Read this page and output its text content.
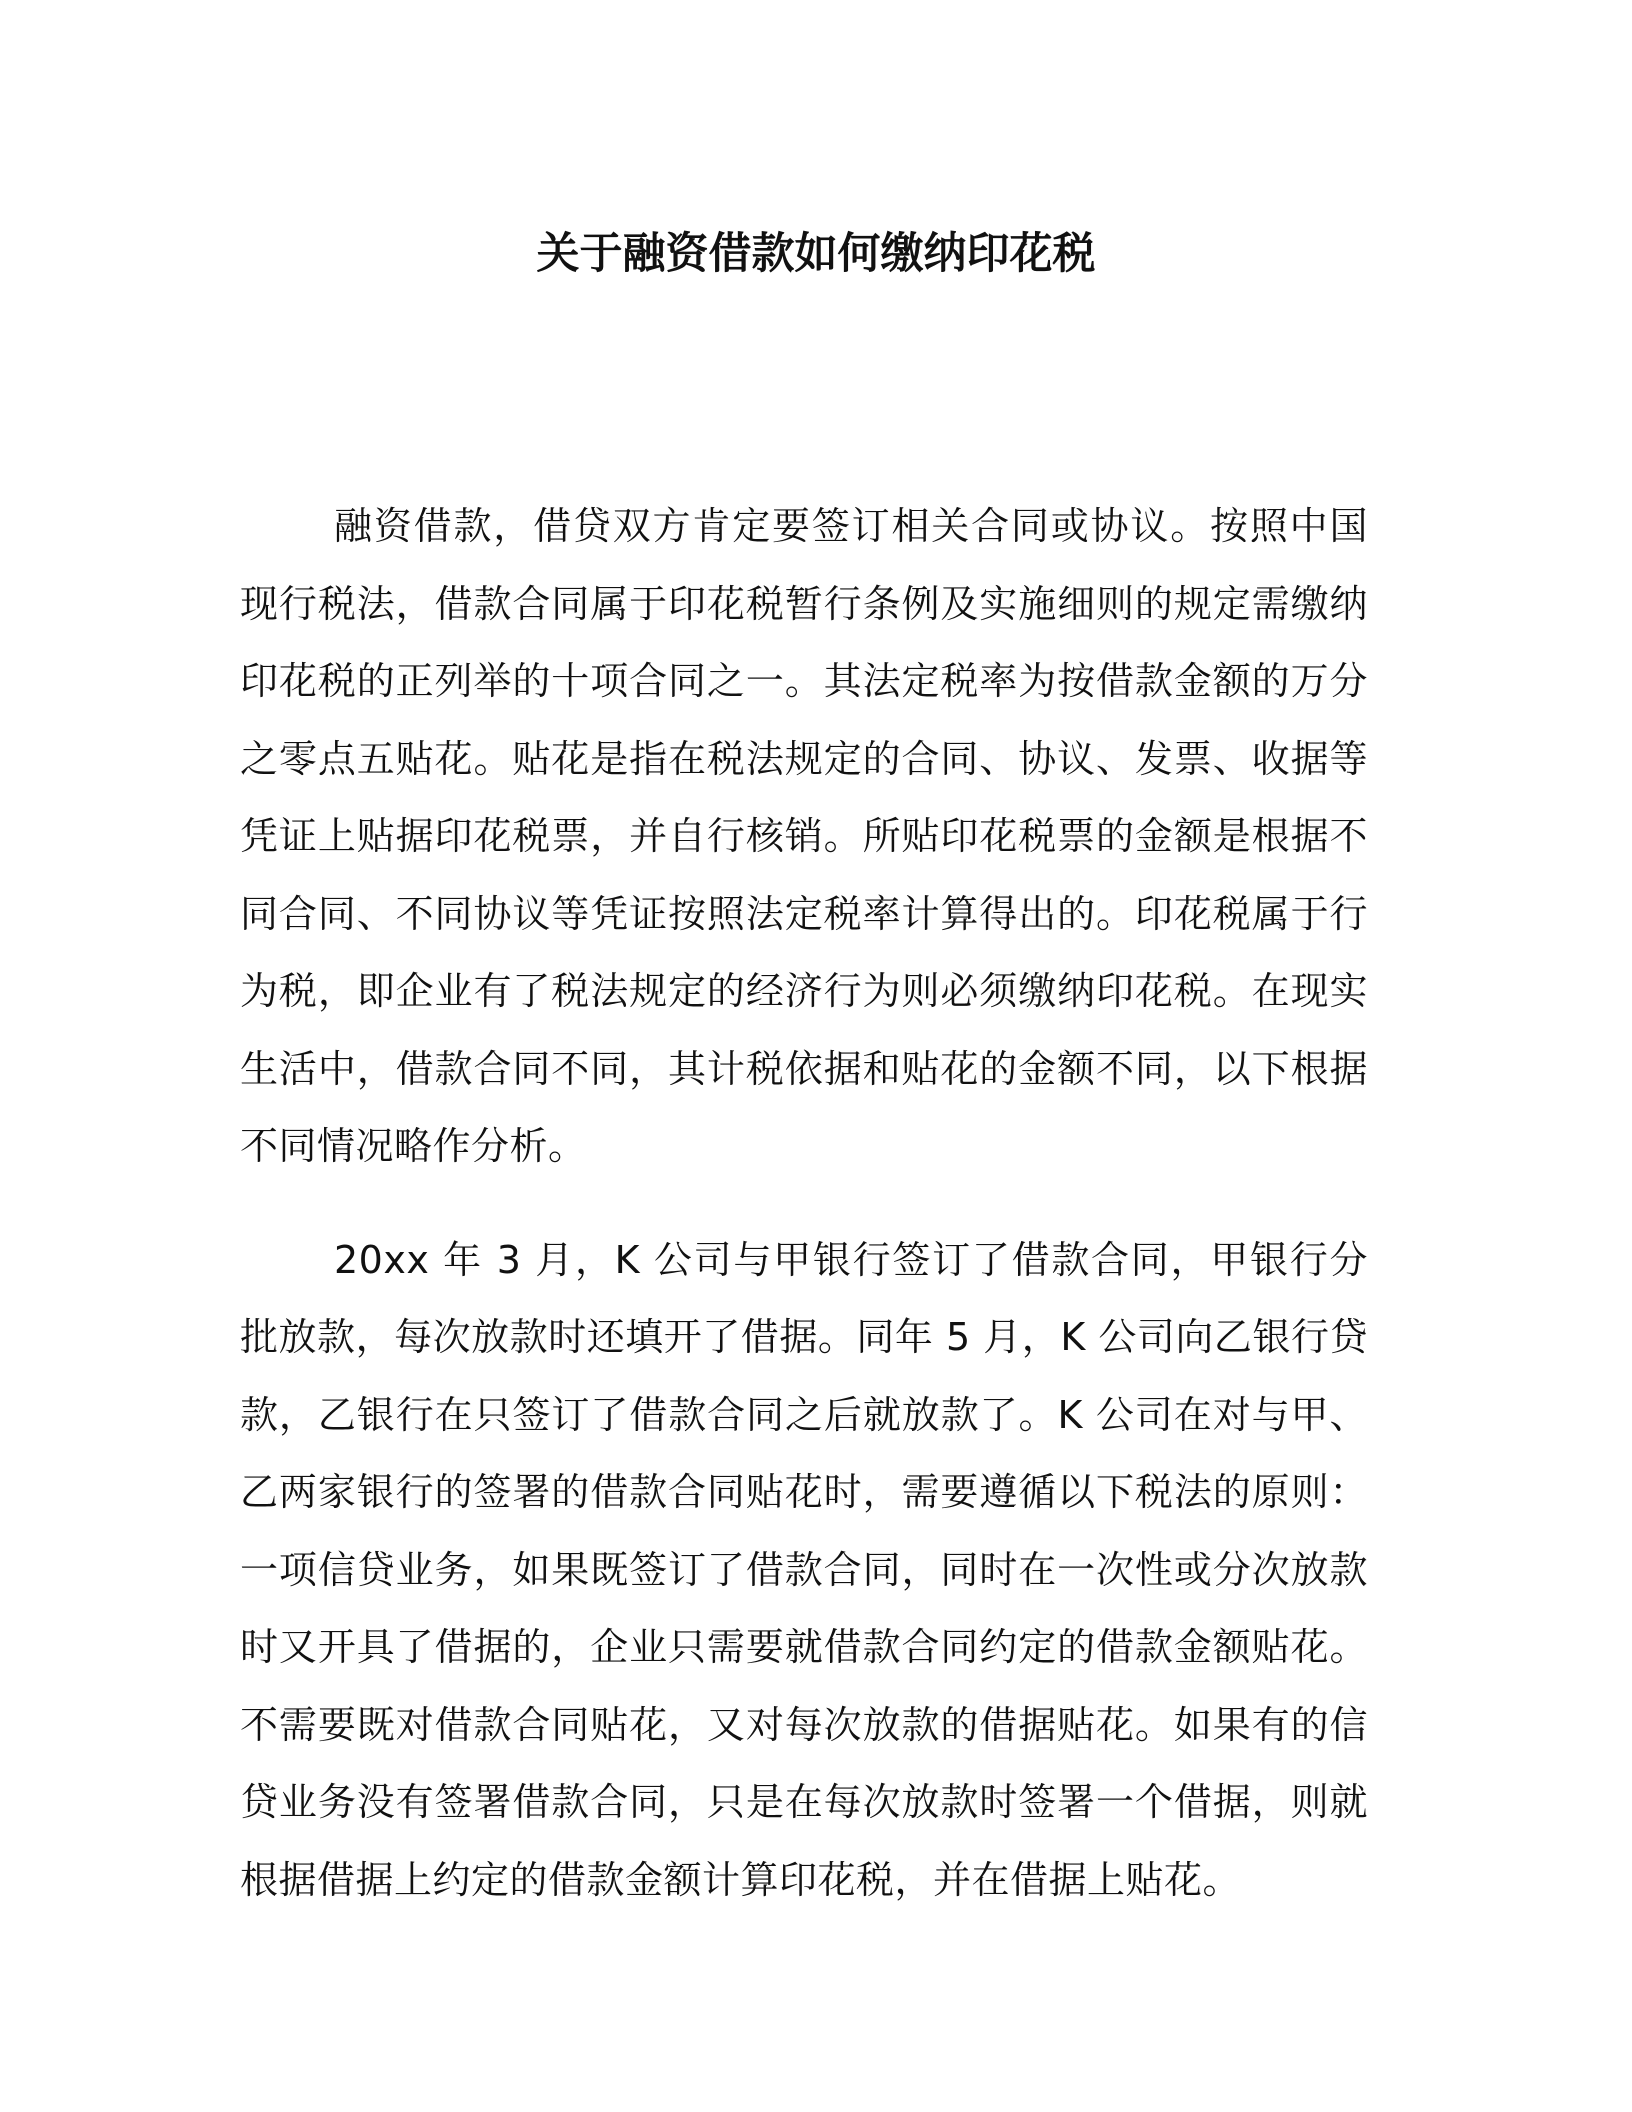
关于融资借款如何缴纳印花税

融资借款，借贷双方肯定要签订相关合同或协议。按照中国现行税法，借款合同属于印花税暂行条例及实施细则的规定需缴纳印花税的正列举的十项合同之一。其法定税率为按借款金额的万分之零点五贴花。贴花是指在税法规定的合同、协议、发票、收据等凭证上贴据印花税票，并自行核销。所贴印花税票的金额是根据不同合同、不同协议等凭证按照法定税率计算得出的。印花税属于行为税，即企业有了税法规定的经济行为则必须缴纳印花税。在现实生活中，借款合同不同，其计税依据和贴花的金额不同，以下根据不同情况略作分析。

20xx 年 3 月，K 公司与甲银行签订了借款合同，甲银行分批放款，每次放款时还填开了借据。同年 5 月，K 公司向乙银行贷款，乙银行在只签订了借款合同之后就放款了。K 公司在对与甲、乙两家银行的签署的借款合同贴花时，需要遵循以下税法的原则：一项信贷业务，如果既签订了借款合同，同时在一次性或分次放款时又开具了借据的，企业只需要就借款合同约定的借款金额贴花。不需要既对借款合同贴花，又对每次放款的借据贴花。如果有的信贷业务没有签署借款合同，只是在每次放款时签署一个借据，则就根据借据上约定的借款金额计算印花税，并在借据上贴花。
